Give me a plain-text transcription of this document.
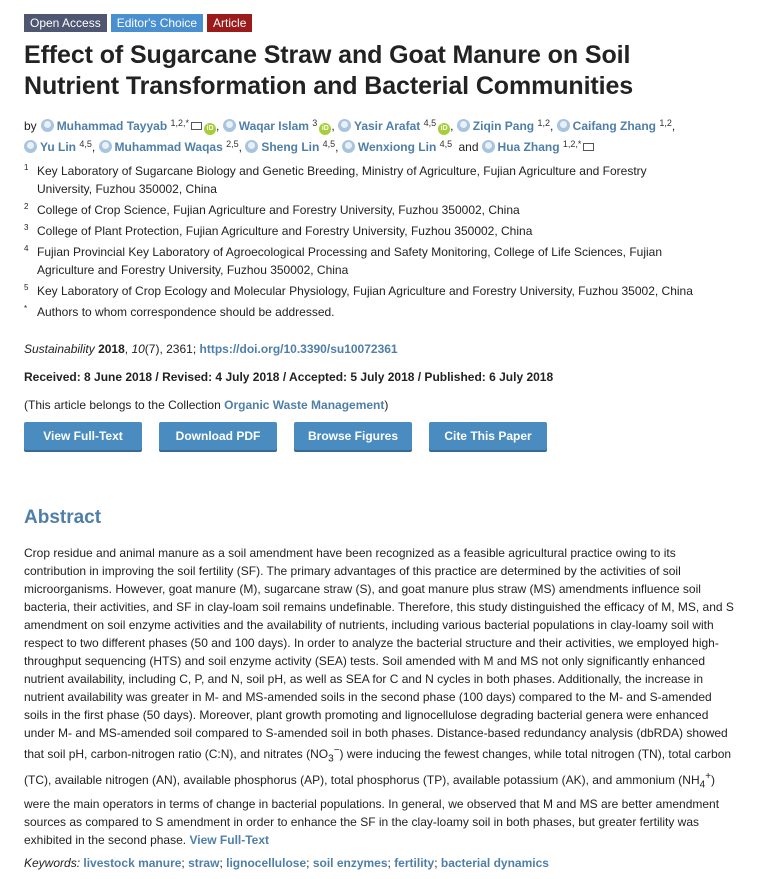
Open Access	Editor's Choice	Article
Effect of Sugarcane Straw and Goat Manure on Soil
Nutrient Transformation and Bacterial Communities
by Muhammad Tayyab $^{1,2,*}$iD , Waqar Islam $^3$iD , Yasir Arafat $^{4,5}$iD , Ziqin Pang $^{1,2}$, Caifang Zhang $^{1,2}$, Yu Lin $^{4,5}$, Muhammad Waqas $^{2,5}$, Sheng Lin $^{4,5}$, Wenxiong Lin $^{4,5}$ and Hua Zhang $^{1,2,*}$
1 Key Laboratory of Sugarcane Biology and Genetic Breeding, Ministry of Agriculture, Fujian Agriculture and Forestry University, Fuzhou 350002, China
2 College of Crop Science, Fujian Agriculture and Forestry University, Fuzhou 350002, China
3 College of Plant Protection, Fujian Agriculture and Forestry University, Fuzhou 350002, China
4 Fujian Provincial Key Laboratory of Agroecological Processing and Safety Monitoring, College of Life Sciences, Fujian Agriculture and Forestry University, Fuzhou 350002, China
5 Key Laboratory of Crop Ecology and Molecular Physiology, Fujian Agriculture and Forestry University, Fuzhou 35002, China
* Authors to whom correspondence should be addressed.
Sustainability 2018, 10(7), 2361; https://doi.org/10.3390/su10072361
Received: 8 June 2018 / Revised: 4 July 2018 / Accepted: 5 July 2018 / Published: 6 July 2018
(This article belongs to the Collection Organic Waste Management)
View Full-Text	Download PDF	Browse Figures	Cite This Paper
Abstract
Crop residue and animal manure as a soil amendment have been recognized as a feasible agricultural practice owing to its contribution in improving the soil fertility (SF). The primary advantages of this practice are determined by the activities of soil microorganisms. However, goat manure (M), sugarcane straw (S), and goat manure plus straw (MS) amendments influence soil bacteria, their activities, and SF in clay-loam soil remains undefinable. Therefore, this study distinguished the efficacy of M, MS, and S amendment on soil enzyme activities and the availability of nutrients, including various bacterial populations in clay-loamy soil with respect to two different phases (50 and 100 days). In order to analyze the bacterial structure and their activities, we employed high-throughput sequencing (HTS) and soil enzyme activity (SEA) tests. Soil amended with M and MS not only significantly enhanced nutrient availability, including C, P, and N, soil pH, as well as SEA for C and N cycles in both phases. Additionally, the increase in nutrient availability was greater in M- and MS-amended soils in the second phase (100 days) compared to the M- and S-amended soils in the first phase (50 days). Moreover, plant growth promoting and lignocellulose degrading bacterial genera were enhanced under M- and MS-amended soil compared to S-amended soil in both phases. Distance-based redundancy analysis (dbRDA) showed that soil pH, carbon-nitrogen ratio (C:N), and nitrates $(NO_3^-)$ were inducing the fewest changes, while total nitrogen (TN), total carbon (TC), available nitrogen (AN), available phosphorus (AP), total phosphorus (TP), available potassium (AK), and ammonium $(NH_4^+)$ were the main operators in terms of change in bacterial populations. In general, we observed that M and MS are better amendment sources as compared to S amendment in order to enhance the SF in the clay-loamy soil in both phases, but greater fertility was exhibited in the second phase. View Full-Text
Keywords: livestock manure; straw; lignocellulose; soil enzymes; fertility; bacterial dynamics
